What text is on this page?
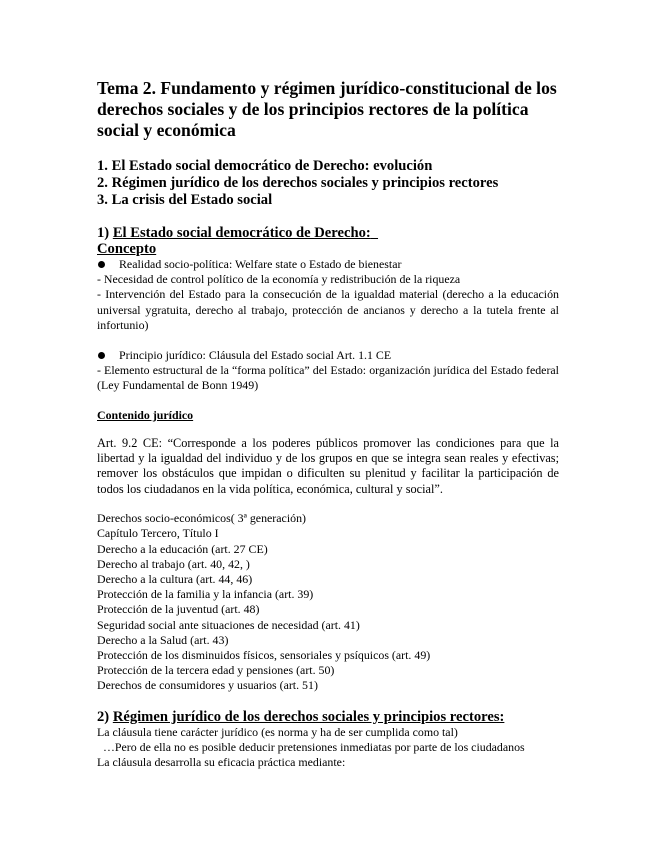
Tema 2. Fundamento y régimen jurídico-constitucional de los derechos sociales y de los principios rectores de la política social y económica
1. El Estado social democrático de Derecho: evolución
2. Régimen jurídico de los derechos sociales y principios rectores
3. La crisis del Estado social
1) El Estado social democrático de Derecho:
Concepto
Realidad socio-política: Welfare state o Estado de bienestar

- Necesidad de control político de la economía y redistribución de la riqueza

- Intervención del Estado para la consecución de la igualdad material (derecho a la educación universal ygratuita, derecho al trabajo, protección de ancianos y derecho a la tutela frente al infortunio)

Principio jurídico: Cláusula del Estado social Art. 1.1 CE

- Elemento estructural de la “forma política” del Estado: organización jurídica del Estado federal (Ley Fundamental de Bonn 1949)

Contenido jurídico

Art. 9.2 CE: “Corresponde a los poderes públicos promover las condiciones para que la libertad y la igualdad del individuo y de los grupos en que se integra sean reales y efectivas; remover los obstáculos que impidan o dificulten su plenitud y facilitar la participación de todos los ciudadanos en la vida política, económica, cultural y social”.

Derechos socio-económicos( 3ª generación)
Capítulo Tercero, Título I
Derecho a la educación (art. 27 CE)
Derecho al trabajo (art. 40, 42, )
Derecho a la cultura (art. 44, 46)
Protección de la familia y la infancia (art. 39)
Protección de la juventud (art. 48)
Seguridad social ante situaciones de necesidad (art. 41)
Derecho a la Salud (art. 43)
Protección de los disminuidos físicos, sensoriales y psíquicos (art. 49)
Protección de la tercera edad y pensiones (art. 50)
Derechos de consumidores y usuarios (art. 51)
2) Régimen jurídico de los derechos sociales y principios rectores:
La cláusula tiene carácter jurídico (es norma y ha de ser cumplida como tal)
…Pero de ella no es posible deducir pretensiones inmediatas por parte de los ciudadanos
La cláusula desarrolla su eficacia práctica mediante:
